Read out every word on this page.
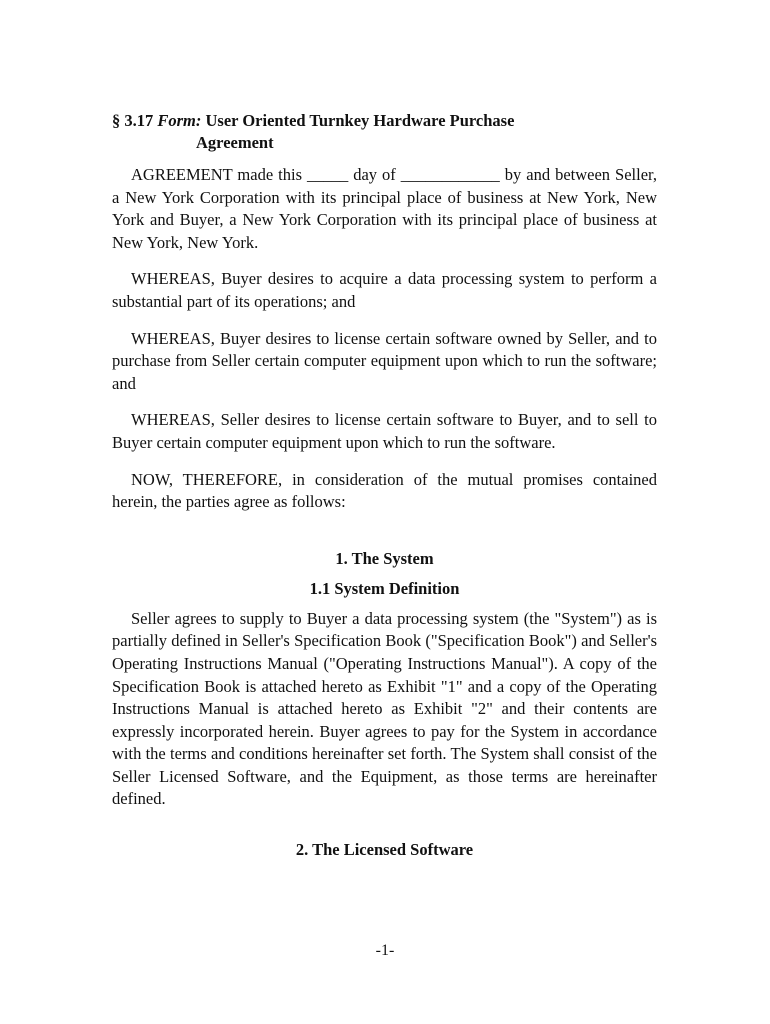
§ 3.17 Form: User Oriented Turnkey Hardware Purchase
Agreement

AGREEMENT made this _____ day of ____________ by and between Seller, a New York Corporation with its principal place of business at New York, New York and Buyer, a New York Corporation with its principal place of business at New York, New York.

WHEREAS, Buyer desires to acquire a data processing system to perform a substantial part of its operations; and

WHEREAS, Buyer desires to license certain software owned by Seller, and to purchase from Seller certain computer equipment upon which to run the software; and

WHEREAS, Seller desires to license certain software to Buyer, and to sell to Buyer certain computer equipment upon which to run the software.

NOW, THEREFORE, in consideration of the mutual promises contained herein, the parties agree as follows:

1. The System
1.1 System Definition

Seller agrees to supply to Buyer a data processing system (the "System") as is partially defined in Seller's Specification Book ("Specification Book") and Seller's Operating Instructions Manual ("Operating Instructions Manual"). A copy of the Specification Book is attached hereto as Exhibit "1" and a copy of the Operating Instructions Manual is attached hereto as Exhibit "2" and their contents are expressly incorporated herein. Buyer agrees to pay for the System in accordance with the terms and conditions hereinafter set forth. The System shall consist of the Seller Licensed Software, and the Equipment, as those terms are hereinafter defined.

2. The Licensed Software
-1-
